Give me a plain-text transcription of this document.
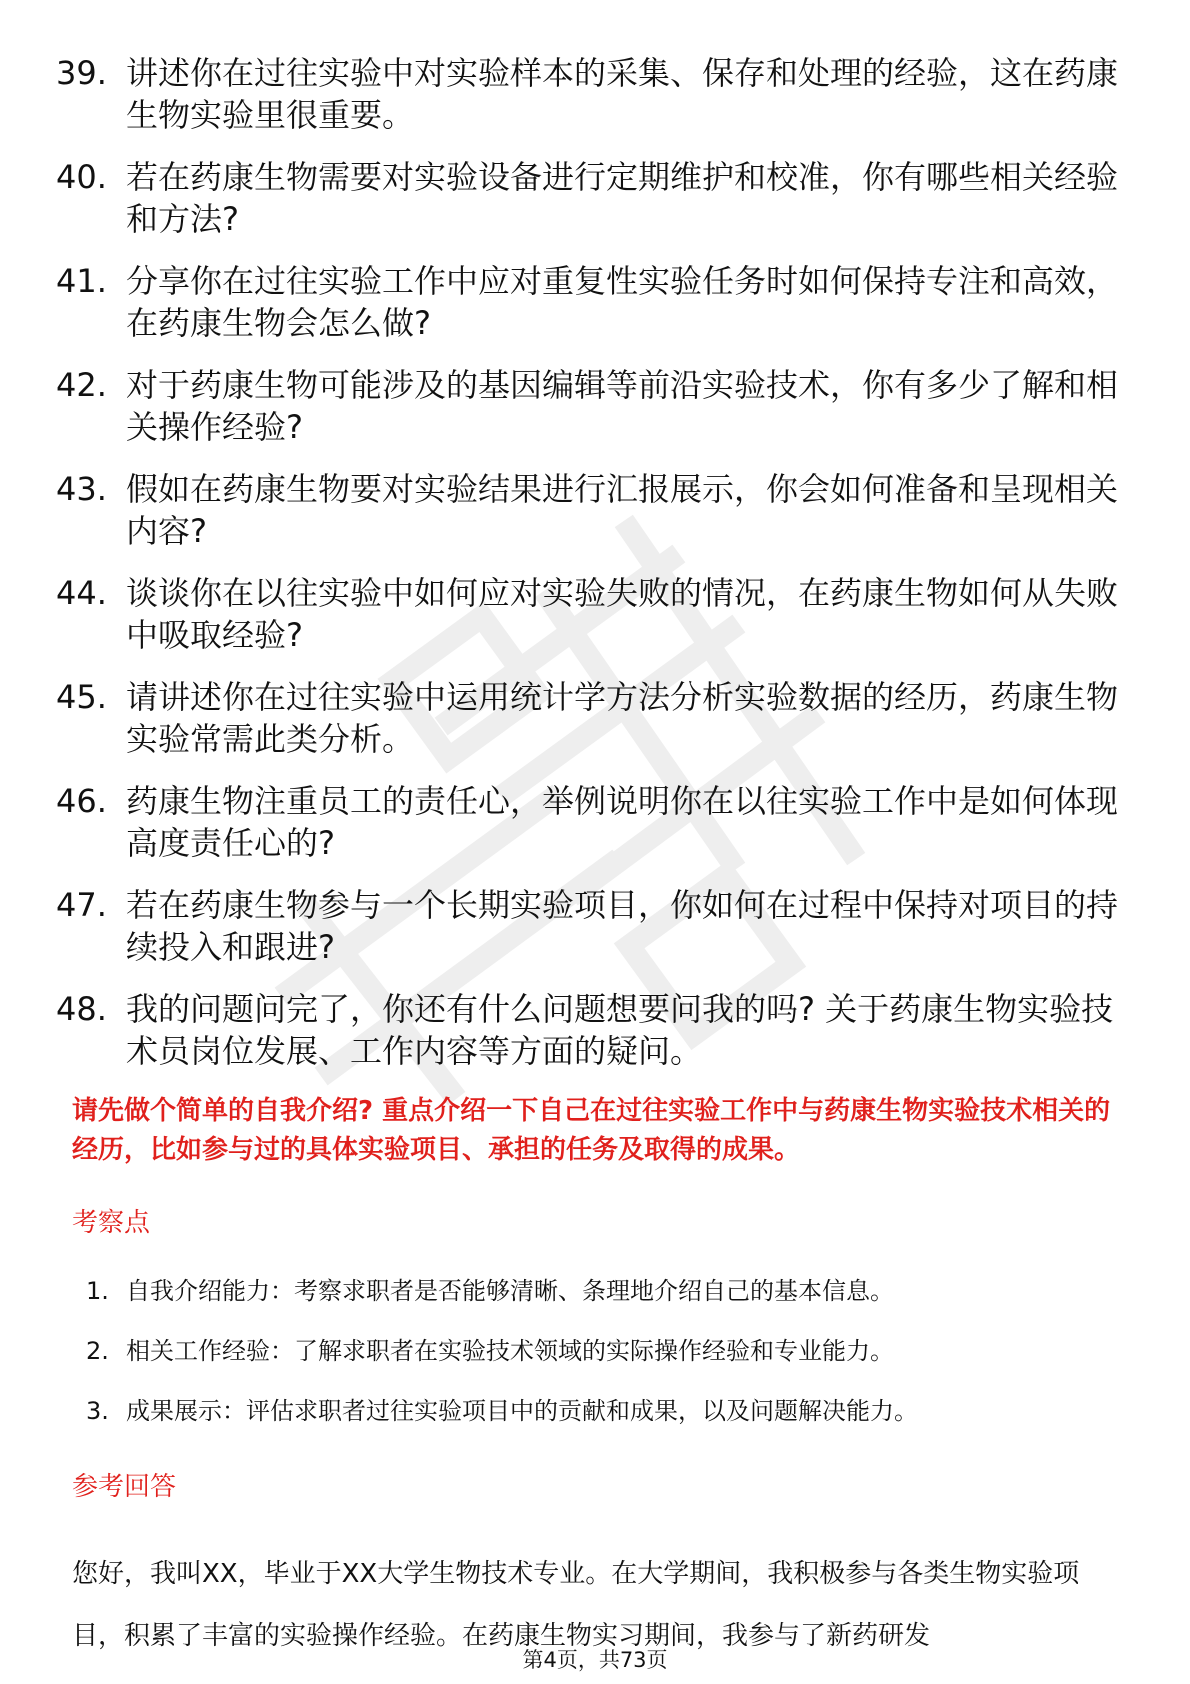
39. 讲述你在过往实验中对实验样本的采集、保存和处理的经验，这在药康生物实验里很重要。
40. 若在药康生物需要对实验设备进行定期维护和校准，你有哪些相关经验和方法?
41. 分享你在过往实验工作中应对重复性实验任务时如何保持专注和高效，在药康生物会怎么做?
42. 对于药康生物可能涉及的基因编辑等前沿实验技术，你有多少了解和相关操作经验?
43. 假如在药康生物要对实验结果进行汇报展示，你会如何准备和呈现相关内容?
44. 谈谈你在以往实验中如何应对实验失败的情况，在药康生物如何从失败中吸取经验?
45. 请讲述你在过往实验中运用统计学方法分析实验数据的经历，药康生物实验常需此类分析。
46. 药康生物注重员工的责任心，举例说明你在以往实验工作中是如何体现高度责任心的?
47. 若在药康生物参与一个长期实验项目，你如何在过程中保持对项目的持续投入和跟进?
48. 我的问题问完了，你还有什么问题想要问我的吗? 关于药康生物实验技术员岗位发展、工作内容等方面的疑问。
请先做个简单的自我介绍? 重点介绍一下自己在过往实验工作中与药康生物实验技术相关的经历，比如参与过的具体实验项目、承担的任务及取得的成果。
考察点
1. 自我介绍能力：考察求职者是否能够清晰、条理地介绍自己的基本信息。
2. 相关工作经验：了解求职者在实验技术领域的实际操作经验和专业能力。
3. 成果展示：评估求职者过往实验项目中的贡献和成果，以及问题解决能力。
参考回答
您好，我叫XX，毕业于XX大学生物技术专业。在大学期间，我积极参与各类生物实验项目，积累了丰富的实验操作经验。在药康生物实习期间，我参与了新药研发
第4页，共73页
